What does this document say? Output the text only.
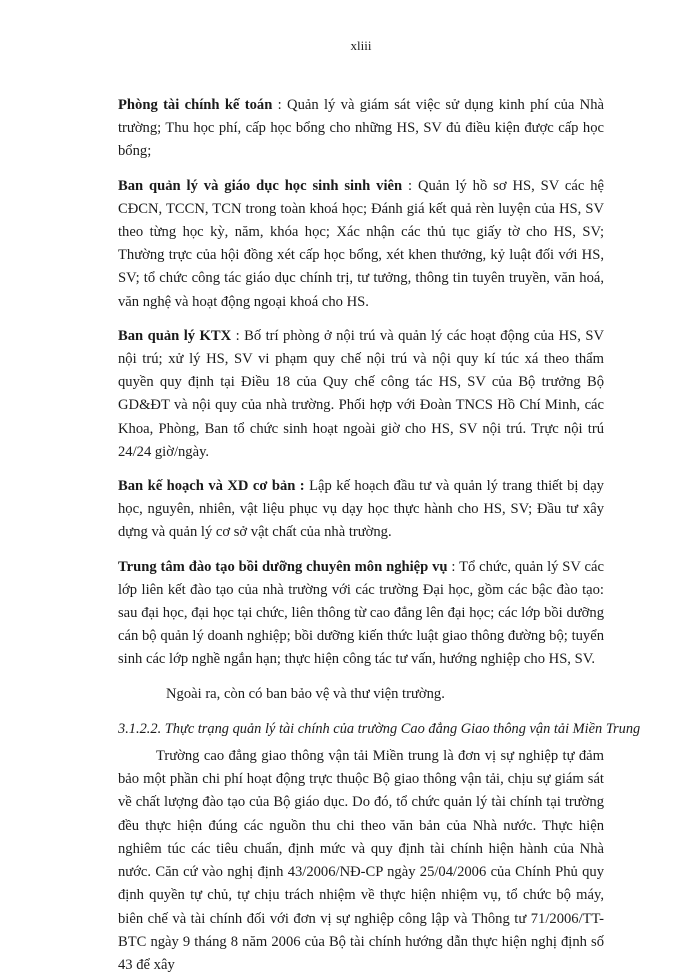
xliii

Phòng tài chính kế toán : Quản lý và giám sát việc sử dụng kinh phí của Nhà trường; Thu học phí, cấp học bổng cho những HS, SV đủ điều kiện được cấp học bổng;

Ban quản lý và giáo dục học sinh sinh viên : Quản lý hồ sơ HS, SV các hệ CĐCN, TCCN, TCN trong toàn khoá học; Đánh giá kết quả rèn luyện của HS, SV theo từng học kỳ, năm, khóa học; Xác nhận các thủ tục giấy tờ cho HS, SV; Thường trực của hội đồng xét cấp học bổng, xét khen thưởng, kỷ luật đối với HS, SV; tổ chức công tác giáo dục chính trị, tư tưởng, thông tin tuyên truyền, văn hoá, văn nghệ và hoạt động ngoại khoá cho HS.

Ban quản lý KTX : Bố trí phòng ở nội trú và quản lý các hoạt động của HS, SV nội trú; xử lý HS, SV vi phạm quy chế nội trú và nội quy kí túc xá theo thẩm quyền quy định tại Điều 18 của Quy chế công tác HS, SV của Bộ trưởng Bộ GD&ĐT và nội quy của nhà trường. Phối hợp với Đoàn TNCS Hồ Chí Minh, các Khoa, Phòng, Ban tổ chức sinh hoạt ngoài giờ cho HS, SV nội trú. Trực nội trú 24/24 giờ/ngày.

Ban kế hoạch và XD cơ bản : Lập kế hoạch đầu tư và quản lý trang thiết bị dạy học, nguyên, nhiên, vật liệu phục vụ dạy học thực hành cho HS, SV; Đầu tư xây dựng và quản lý cơ sở vật chất của nhà trường.

Trung tâm đào tạo bồi dưỡng chuyên môn nghiệp vụ : Tổ chức, quản lý SV các lớp liên kết đào tạo của nhà trường với các trường Đại học, gồm các bậc đào tạo: sau đại học, đại học tại chức, liên thông từ cao đẳng lên đại học; các lớp bồi dưỡng cán bộ quản lý doanh nghiệp; bồi dưỡng kiến thức luật giao thông đường bộ; tuyển sinh các lớp nghề ngắn hạn; thực hiện công tác tư vấn, hướng nghiệp cho HS, SV.

Ngoài ra, còn có ban bảo vệ và thư viện trường.

3.1.2.2. Thực trạng quản lý tài chính của trường Cao đẳng Giao thông vận tải Miền Trung

Trường cao đẳng giao thông vận tải Miền trung là đơn vị sự nghiệp tự đảm bảo một phần chi phí hoạt động trực thuộc Bộ giao thông vận tải, chịu sự giám sát về chất lượng đào tạo của Bộ giáo dục. Do đó, tổ chức quản lý tài chính tại trường đều thực hiện đúng các nguồn thu chi theo văn bản của Nhà nước. Thực hiện nghiêm túc các tiêu chuẩn, định mức và quy định tài chính hiện hành của Nhà nước. Căn cứ vào nghị định 43/2006/NĐ-CP ngày 25/04/2006 của Chính Phủ quy định quyền tự chủ, tự chịu trách nhiệm về thực hiện nhiệm vụ, tổ chức bộ máy, biên chế và tài chính đối với đơn vị sự nghiệp công lập và Thông tư 71/2006/TT-BTC ngày 9 tháng 8 năm 2006 của Bộ tài chính hướng dẫn thực hiện nghị định số 43 để xây
